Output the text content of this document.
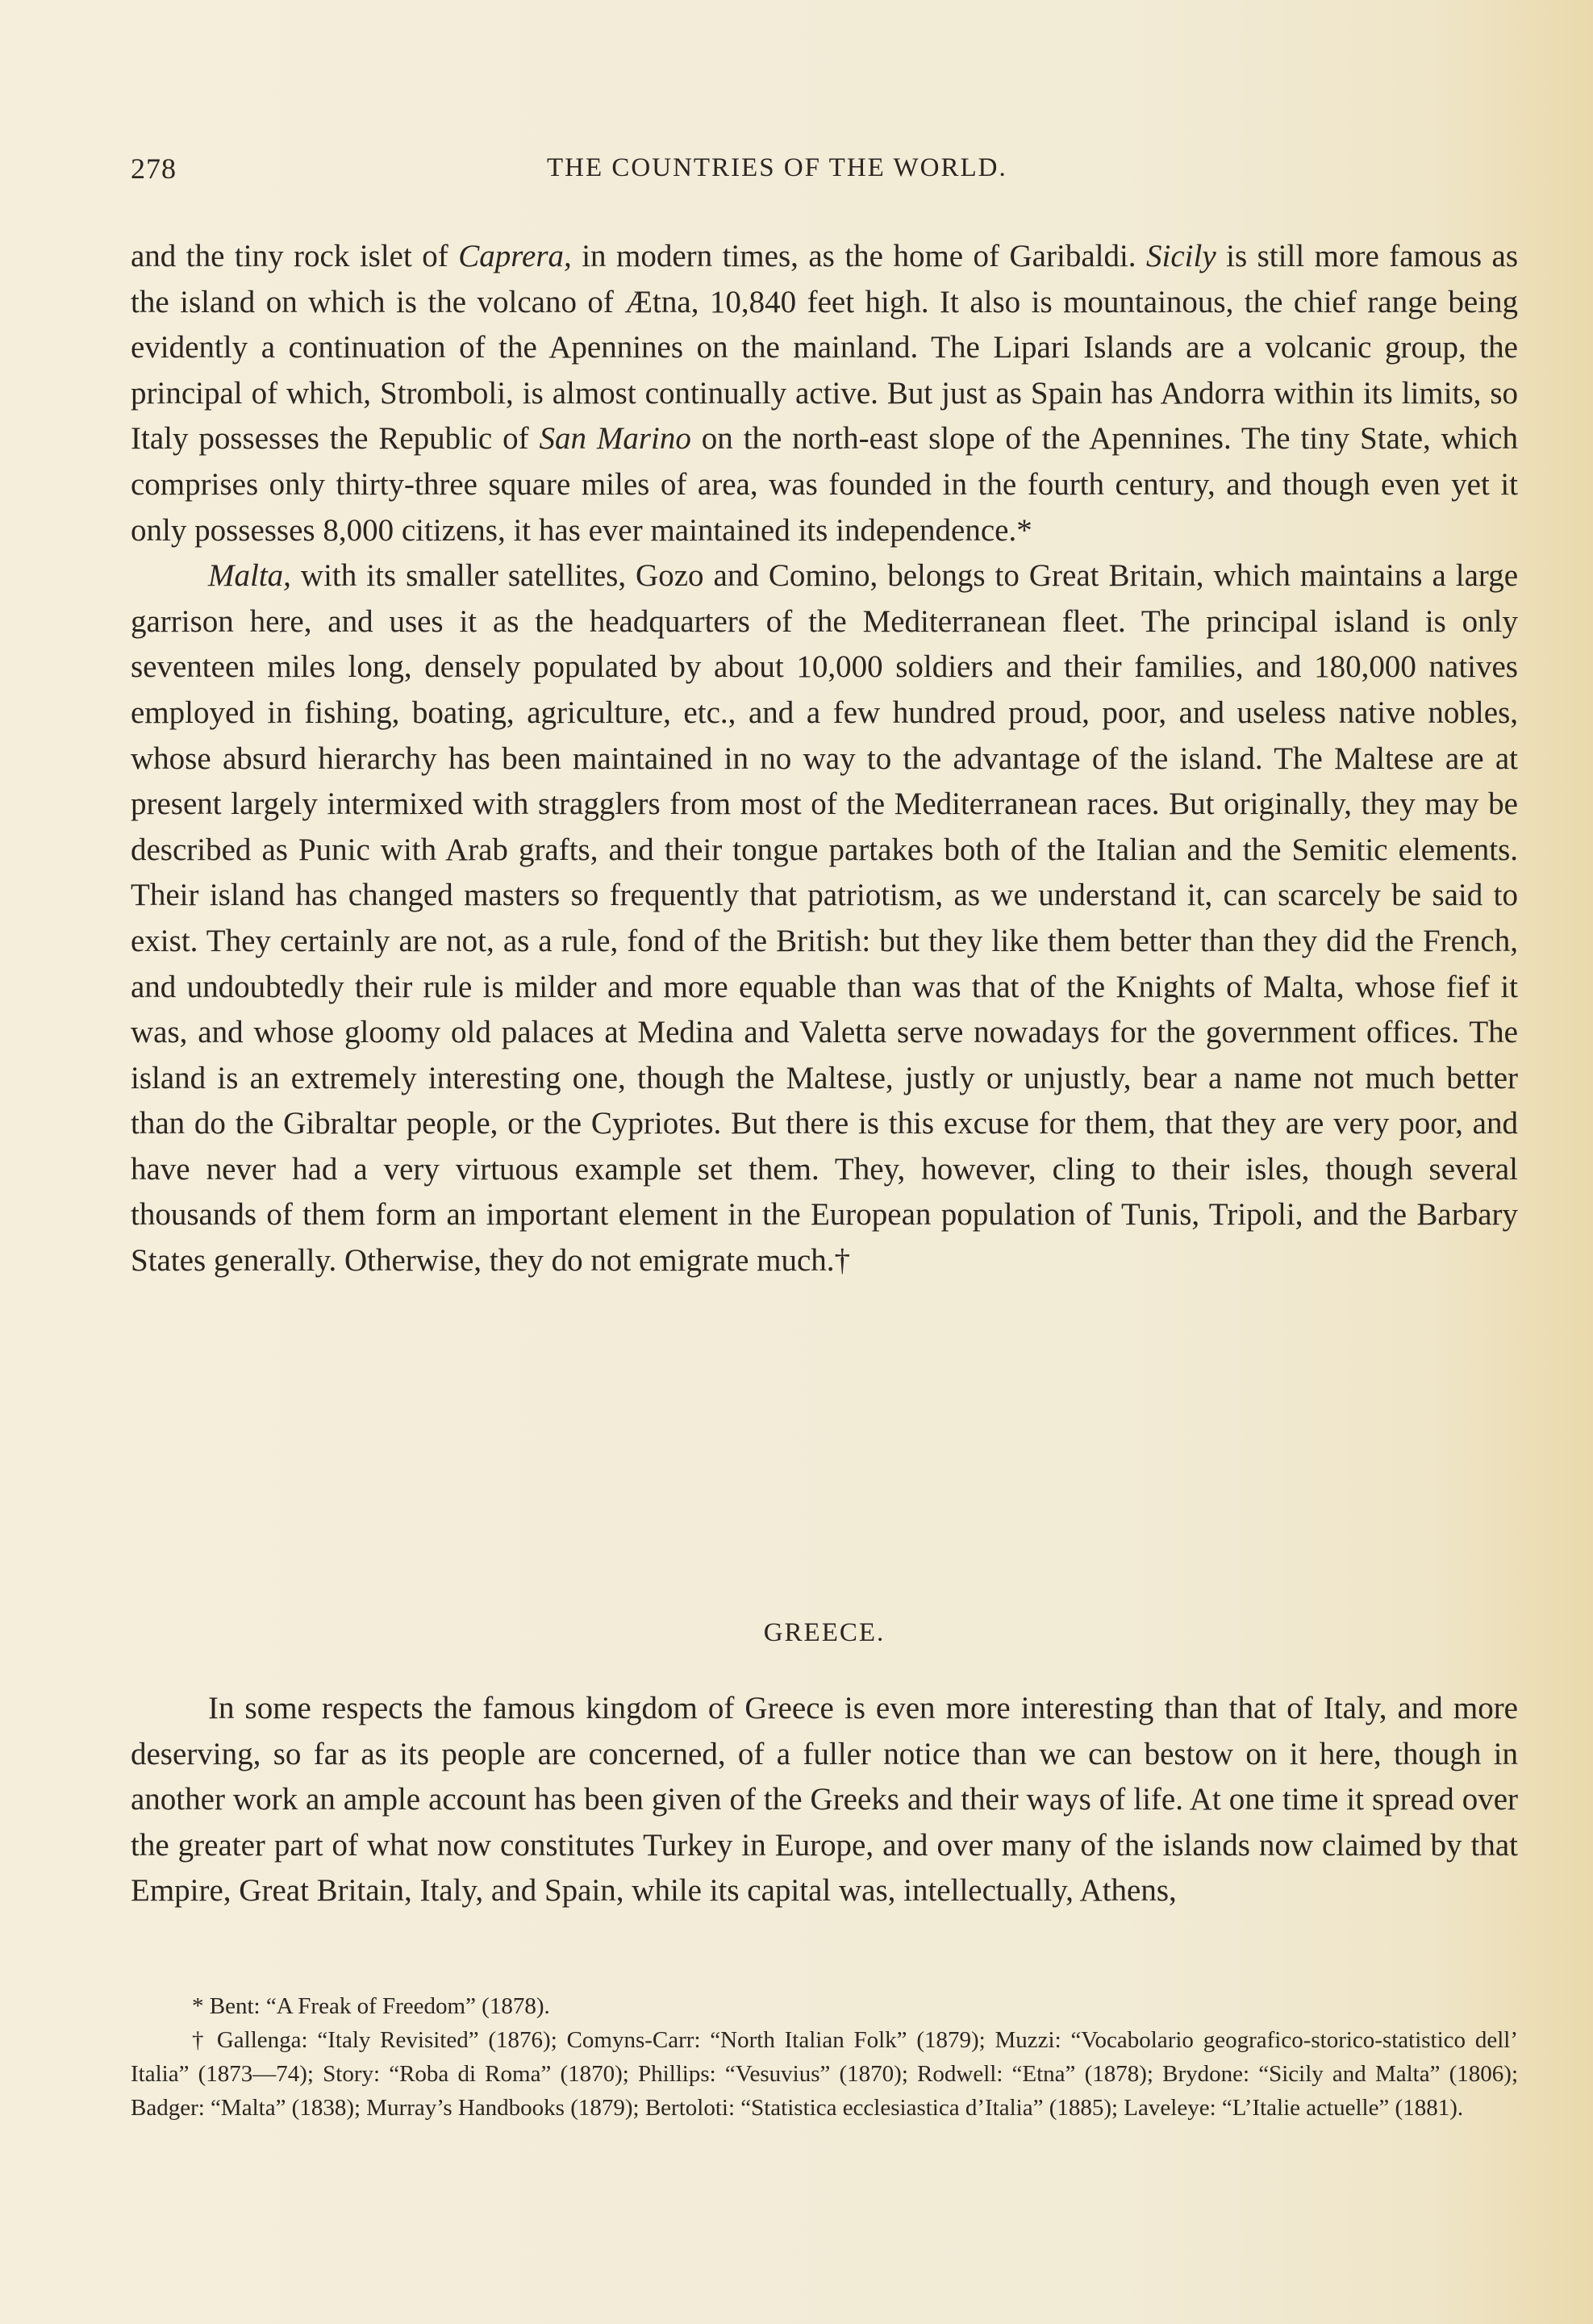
278	THE COUNTRIES OF THE WORLD.

and the tiny rock islet of Caprera, in modern times, as the home of Garibaldi. Sicily is still more famous as the island on which is the volcano of Ætna, 10,840 feet high. It also is mountainous, the chief range being evidently a continuation of the Apennines on the mainland. The Lipari Islands are a volcanic group, the principal of which, Stromboli, is almost continually active. But just as Spain has Andorra within its limits, so Italy possesses the Republic of San Marino on the north-east slope of the Apennines. The tiny State, which comprises only thirty-three square miles of area, was founded in the fourth century, and though even yet it only possesses 8,000 citizens, it has ever maintained its independence.*

Malta, with its smaller satellites, Gozo and Comino, belongs to Great Britain, which maintains a large garrison here, and uses it as the headquarters of the Mediterranean fleet. The principal island is only seventeen miles long, densely populated by about 10,000 soldiers and their families, and 180,000 natives employed in fishing, boating, agriculture, etc., and a few hundred proud, poor, and useless native nobles, whose absurd hierarchy has been maintained in no way to the advantage of the island. The Maltese are at present largely intermixed with stragglers from most of the Mediterranean races. But originally, they may be described as Punic with Arab grafts, and their tongue partakes both of the Italian and the Semitic elements. Their island has changed masters so frequently that patriotism, as we understand it, can scarcely be said to exist. They certainly are not, as a rule, fond of the British: but they like them better than they did the French, and undoubtedly their rule is milder and more equable than was that of the Knights of Malta, whose fief it was, and whose gloomy old palaces at Medina and Valetta serve nowadays for the government offices. The island is an extremely interesting one, though the Maltese, justly or unjustly, bear a name not much better than do the Gibraltar people, or the Cypriotes. But there is this excuse for them, that they are very poor, and have never had a very virtuous example set them. They, however, cling to their isles, though several thousands of them form an important element in the European population of Tunis, Tripoli, and the Barbary States generally. Otherwise, they do not emigrate much.†

GREECE.

In some respects the famous kingdom of Greece is even more interesting than that of Italy, and more deserving, so far as its people are concerned, of a fuller notice than we can bestow on it here, though in another work an ample account has been given of the Greeks and their ways of life. At one time it spread over the greater part of what now constitutes Turkey in Europe, and over many of the islands now claimed by that Empire, Great Britain, Italy, and Spain, while its capital was, intellectually, Athens,

* Bent: “A Freak of Freedom” (1878).

† Gallenga: “Italy Revisited” (1876); Comyns-Carr: “North Italian Folk” (1879); Muzzi: “Vocabolario geografico-storico-statistico dell’ Italia” (1873—74); Story: “Roba di Roma” (1870); Phillips: “Vesuvius” (1870); Rodwell: “Etna” (1878); Brydone: “Sicily and Malta” (1806); Badger: “Malta” (1838); Murray’s Handbooks (1879); Bertoloti: “Statistica ecclesiastica d’Italia” (1885); Laveleye: “L’Italie actuelle” (1881).
